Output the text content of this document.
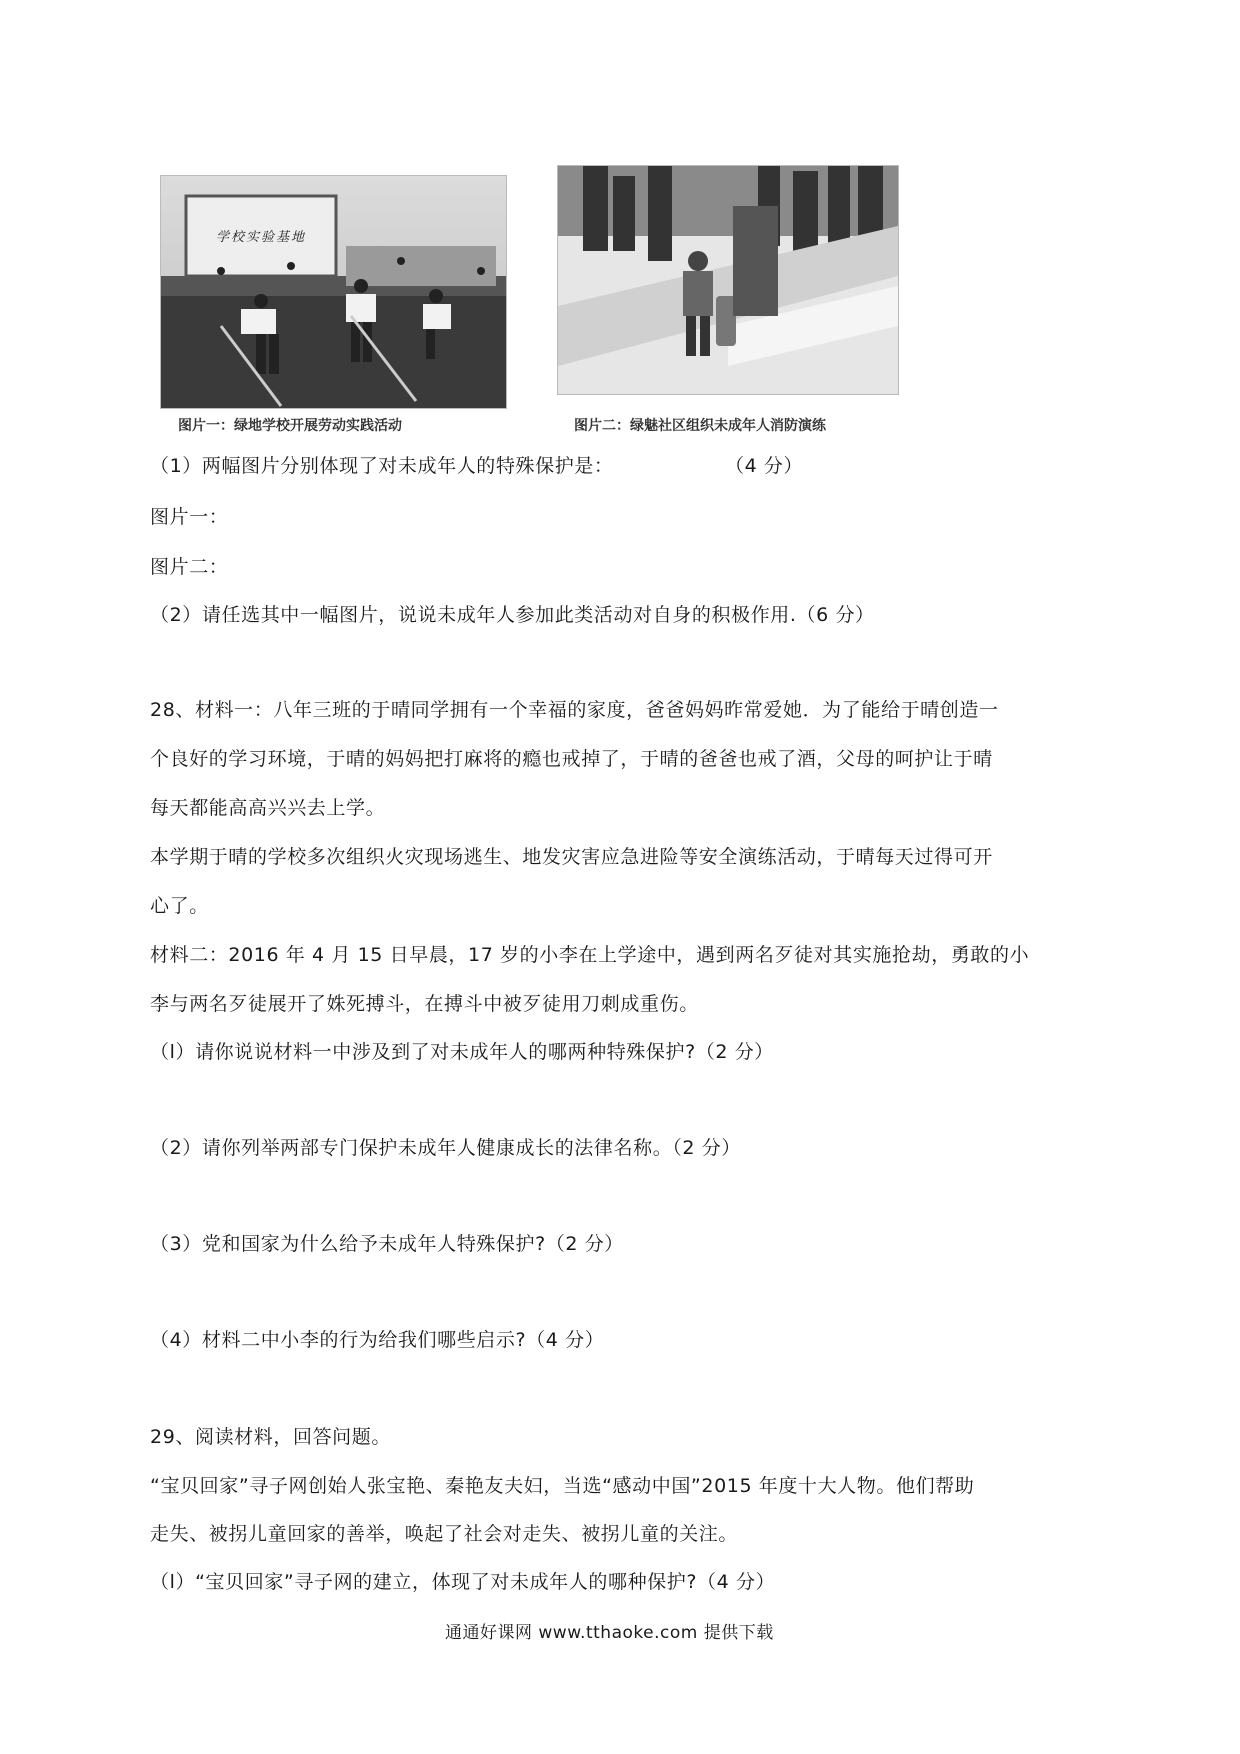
学校实验基地
图片一：绿地学校开展劳动实践活动	图片二：绿魅社区组织未成年人消防演练
（1）两幅图片分别体现了对未成年人的特殊保护是：	（4 分）
图片一：
图片二：
（2）请任选其中一幅图片，说说未成年人参加此类活动对自身的积极作用.（6 分）
28、材料一：八年三班的于晴同学拥有一个幸福的家度，爸爸妈妈昨常爱她．为了能给于晴创造一
个良好的学习环境，于晴的妈妈把打麻将的瘾也戒掉了，于晴的爸爸也戒了酒，父母的呵护让于晴
每天都能高高兴兴去上学。
本学期于晴的学校多次组织火灾现场逃生、地发灾害应急进险等安全演练活动，于晴每天过得可开
心了。
材料二：2016 年 4 月 15 日早晨，17 岁的小李在上学途中，遇到两名歹徒对其实施抢劫，勇敢的小
李与两名歹徒展开了姝死搏斗，在搏斗中被歹徒用刀刺成重伤。
（l）请你说说材料一中涉及到了对未成年人的哪两种特殊保护?（2 分）
（2）请你列举两部专门保护未成年人健康成长的法律名称。（2 分）
（3）党和国家为什么给予未成年人特殊保护?（2 分）
（4）材料二中小李的行为给我们哪些启示?（4 分）
29、阅读材料，回答问题。
“宝贝回家”寻子网创始人张宝艳、秦艳友夫妇，当选“感动中国”2015 年度十大人物。他们帮助
走失、被拐儿童回家的善举，唤起了社会对走失、被拐儿童的关注。
（l）“宝贝回家”寻子网的建立，体现了对未成年人的哪种保护?（4 分）
通通好课网 www.tthaoke.com 提供下载
